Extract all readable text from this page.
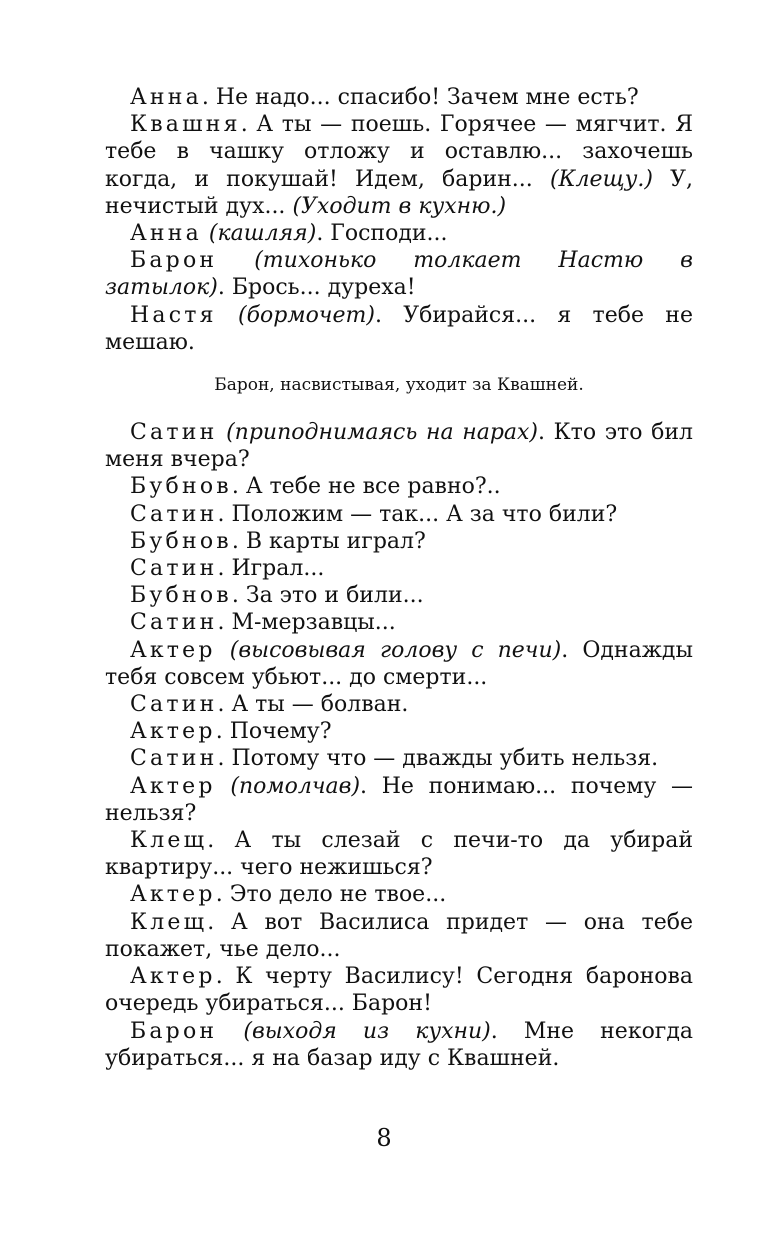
Анна. Не надо... спасибо! Зачем мне есть?

Квашня. А ты — поешь. Горячее — мягчит. Я тебе в чашку отложу и оставлю... захочешь когда, и покушай! Идем, барин... (Клещу.) У, нечистый дух... (Уходит в кухню.)

Анна (кашляя). Господи...

Барон (тихонько толкает Настю в затылок). Брось... дуреха!

Настя (бормочет). Убирайся... я тебе не мешаю.

Барон, насвистывая, уходит за Квашней.

Сатин (приподнимаясь на нарах). Кто это бил меня вчера?

Бубнов. А тебе не все равно?..

Сатин. Положим — так... А за что били?

Бубнов. В карты играл?

Сатин. Играл...

Бубнов. За это и били...

Сатин. М-мерзавцы...

Актер (высовывая голову с печи). Однажды тебя совсем убьют... до смерти...

Сатин. А ты — болван.

Актер. Почему?

Сатин. Потому что — дважды убить нельзя.

Актер (помолчав). Не понимаю... почему — нельзя?

Клещ. А ты слезай с печи-то да убирай квартиру... чего нежишься?

Актер. Это дело не твое...

Клещ. А вот Василиса придет — она тебе покажет, чье дело...

Актер. К черту Василису! Сегодня баронова очередь убираться... Барон!

Барон (выходя из кухни). Мне некогда убираться... я на базар иду с Квашней.

8
